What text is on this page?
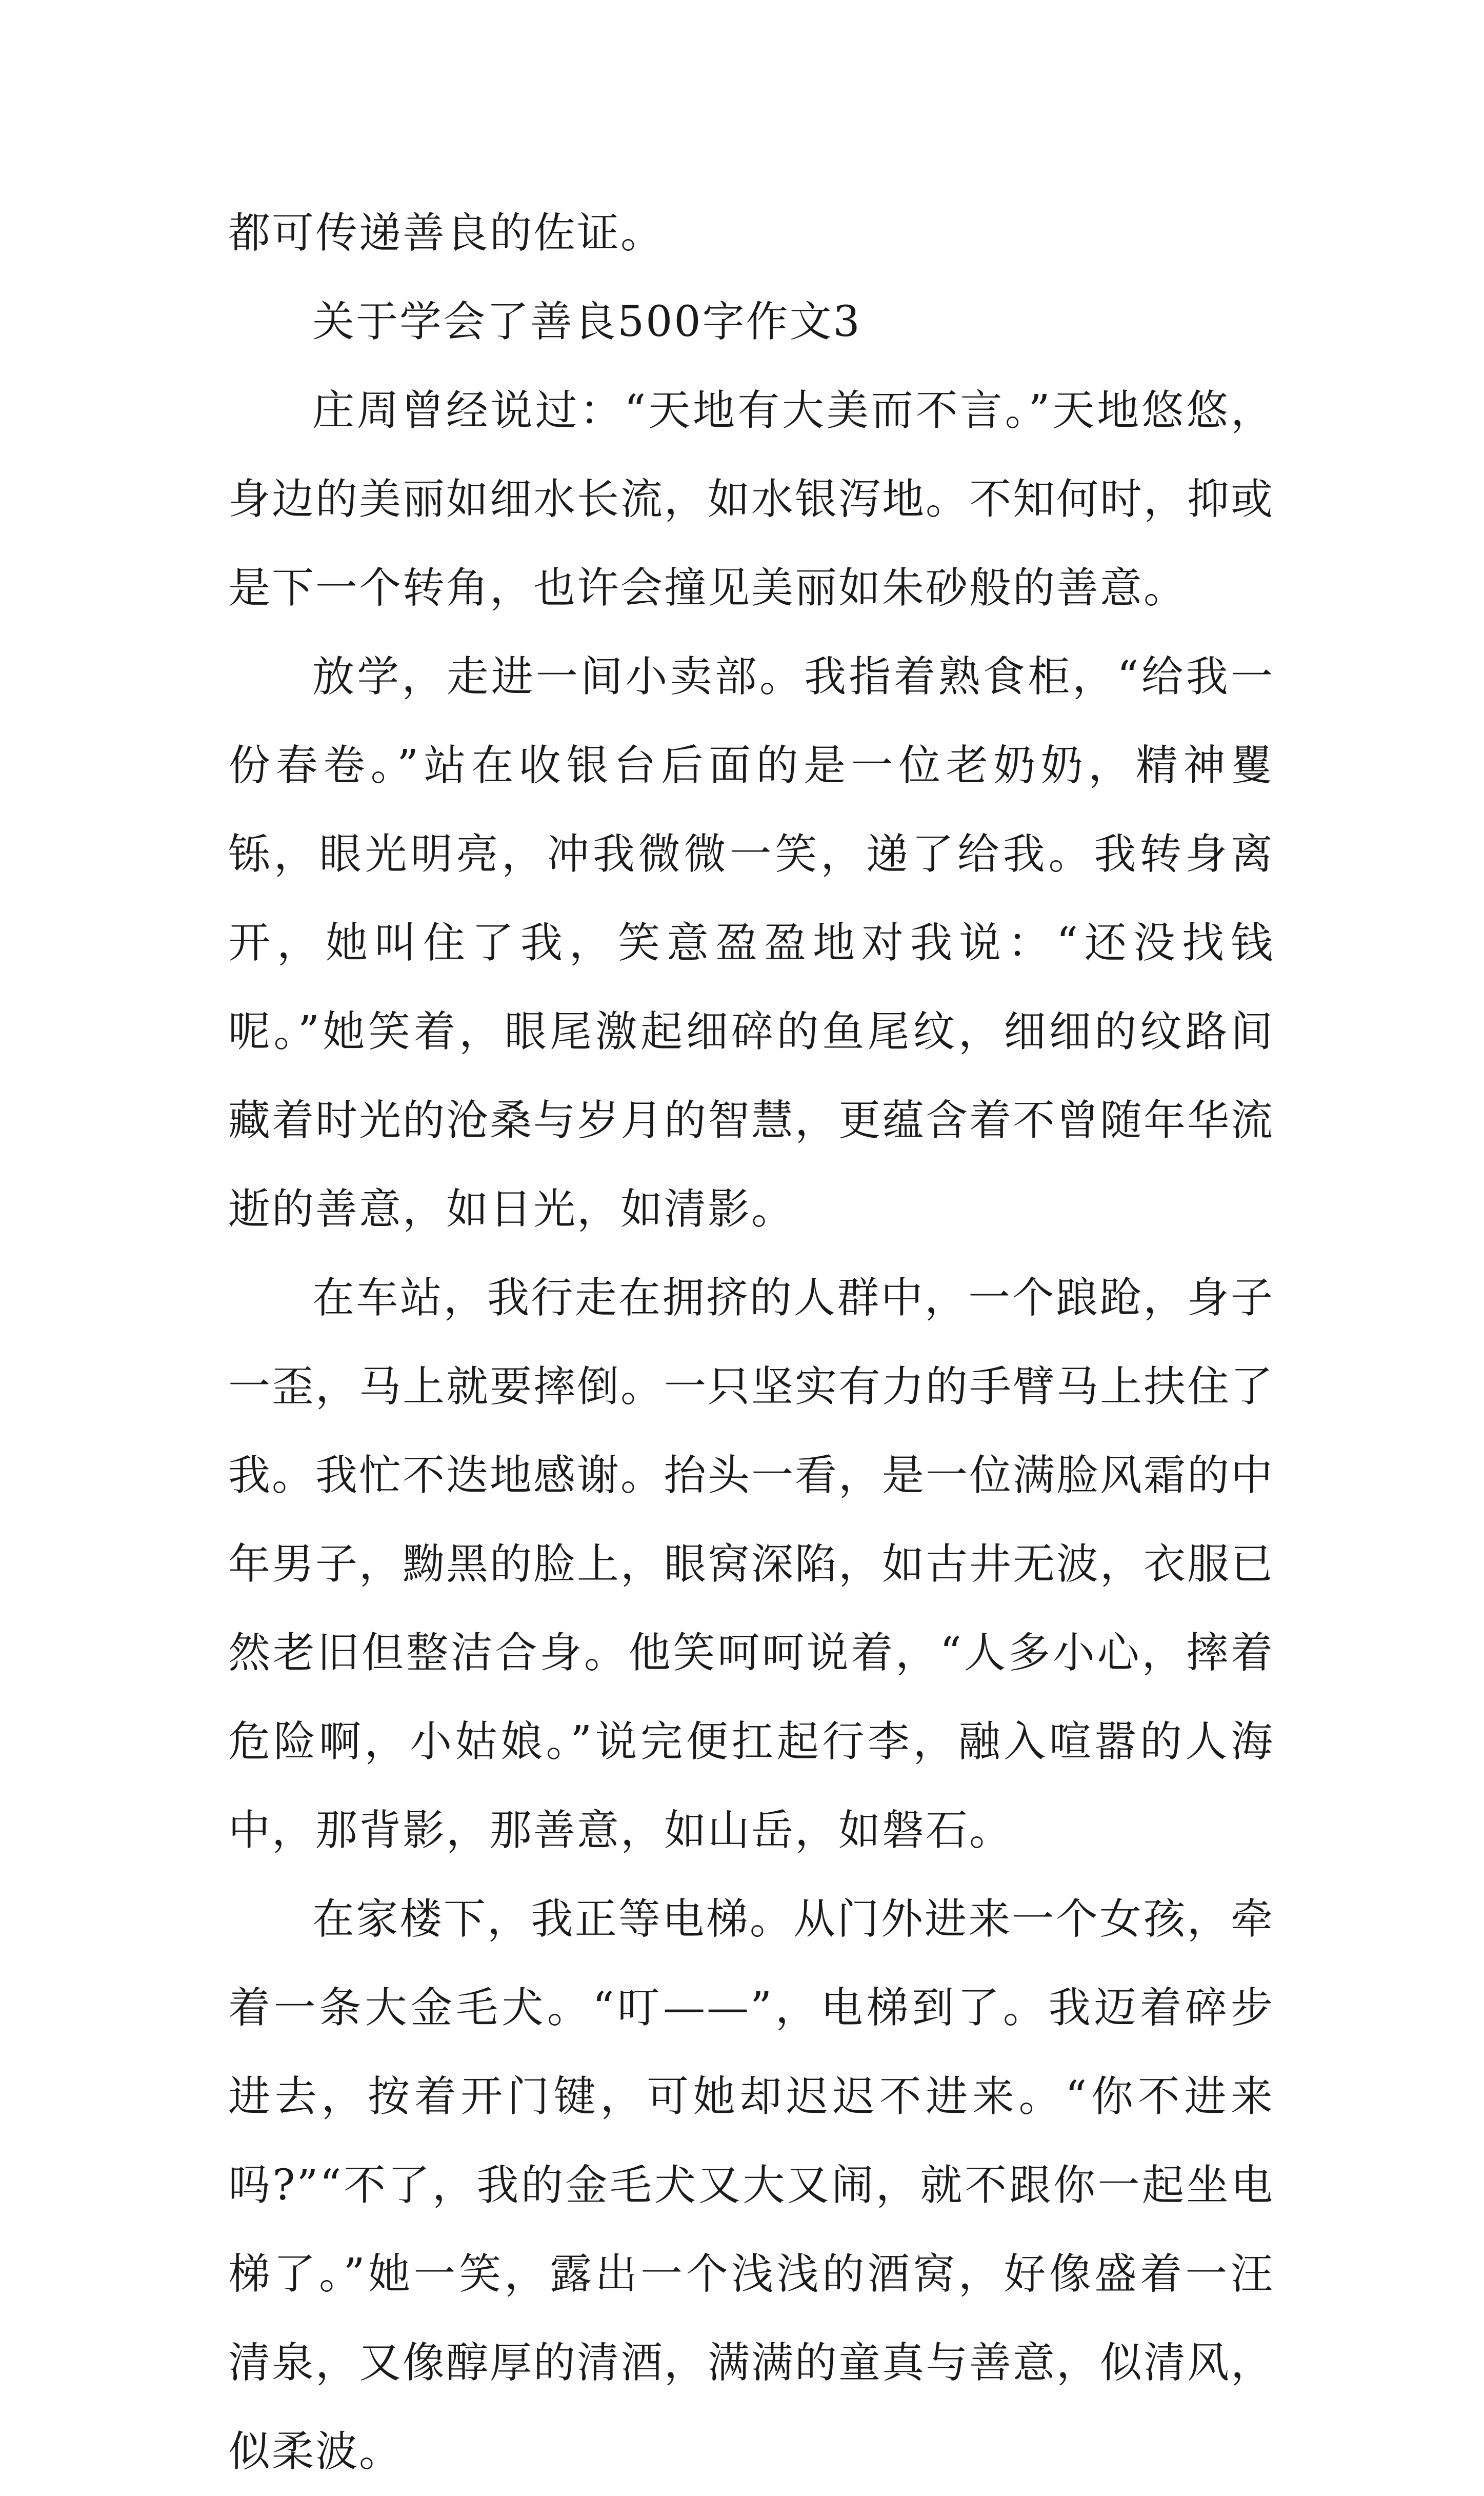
都可传递善良的佐证。

关于学会了善良500字作文3

庄周曾经说过：“天地有大美而不言。”天地悠悠，身边的美丽如细水长流，如水银泻地。不知何时，抑或是下一个转角，也许会撞见美丽如朱砂般的善意。

放学，走进一间小卖部。我指着熟食柜，“给我一份春卷。”站在收银台后面的是一位老奶奶，精神矍铄，眼光明亮，冲我微微一笑，递了给我。我转身离开，她叫住了我，笑意盈盈地对我说：“还没找钱呢。”她笑着，眼尾激起细碎的鱼尾纹，细细的纹路间藏着时光的沧桑与岁月的智慧，更蕴含着不曾随年华流逝的善意，如日光，如清影。

在车站，我行走在拥挤的人群中，一个踉跄，身子一歪，马上就要摔倒。一只坚实有力的手臂马上扶住了我。我忙不迭地感谢。抬头一看，是一位满脸风霜的中年男子，黝黑的脸上，眼窝深陷，如古井无波，衣服已然老旧但整洁合身。他笑呵呵说着，“人多小心，摔着危险啊，小姑娘。”说完便扛起行李，融入喧嚣的人海中，那背影，那善意，如山岳，如磐石。

在家楼下，我正等电梯。从门外进来一个女孩，牵着一条大金毛犬。“叮——”，电梯到了。我迈着碎步进去，按着开门键，可她却迟迟不进来。“你不进来吗?”“不了，我的金毛犬又大又闹，就不跟你一起坐电梯了。”她一笑，露出一个浅浅的酒窝，好像盛着一汪清泉，又像醇厚的清酒，满满的童真与善意，似清风，似柔波。
